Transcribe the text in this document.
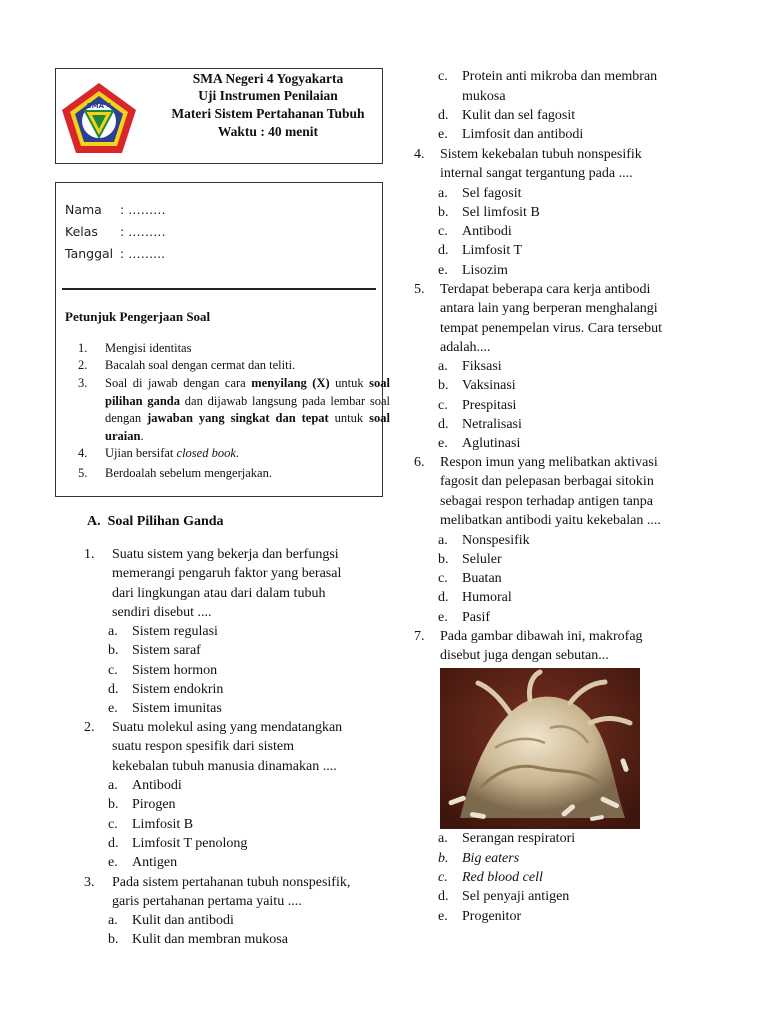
SMA 4
SMA Negeri 4 Yogyakarta
Uji Instrumen Penilaian
Materi Sistem Pertahanan Tubuh
Waktu : 40 menit
Nama : ………
Kelas : ………
Tanggal : ……...
Petunjuk Pengerjaan Soal
1. Mengisi identitas
2. Bacalah soal dengan cermat dan teliti.
3. Soal di jawab dengan cara menyilang (X) untuk soal pilihan ganda dan dijawab langsung pada lembar soal dengan jawaban yang singkat dan tepat untuk soal uraian.
4. Ujian bersifat closed book.
5. Berdoalah sebelum mengerjakan.
A. Soal Pilihan Ganda
1. Suatu sistem yang bekerja dan berfungsi
memerangi pengaruh faktor yang berasal
dari lingkungan atau dari dalam tubuh
sendiri disebut ....
a. Sistem regulasi
b. Sistem saraf
c. Sistem hormon
d. Sistem endokrin
e. Sistem imunitas
2. Suatu molekul asing yang mendatangkan
suatu respon spesifik dari sistem
kekebalan tubuh manusia dinamakan ....
a. Antibodi
b. Pirogen
c. Limfosit B
d. Limfosit T penolong
e. Antigen
3. Pada sistem pertahanan tubuh nonspesifik,
garis pertahanan pertama yaitu ....
a. Kulit dan antibodi
b. Kulit dan membran mukosa
c. Protein anti mikroba dan membran
mukosa
d. Kulit dan sel fagosit
e. Limfosit dan antibodi
4. Sistem kekebalan tubuh nonspesifik
internal sangat tergantung pada ....
a. Sel fagosit
b. Sel limfosit B
c. Antibodi
d. Limfosit T
e. Lisozim
5. Terdapat beberapa cara kerja antibodi
antara lain yang berperan menghalangi
tempat penempelan virus. Cara tersebut
adalah....
a. Fiksasi
b. Vaksinasi
c. Prespitasi
d. Netralisasi
e. Aglutinasi
6. Respon imun yang melibatkan aktivasi
fagosit dan pelepasan berbagai sitokin
sebagai respon terhadap antigen tanpa
melibatkan antibodi yaitu kekebalan ....
a. Nonspesifik
b. Seluler
c. Buatan
d. Humoral
e. Pasif
7. Pada gambar dibawah ini, makrofag
disebut juga dengan sebutan...
a. Serangan respiratori
b. Big eaters
c. Red blood cell
d. Sel penyaji antigen
e. Progenitor
